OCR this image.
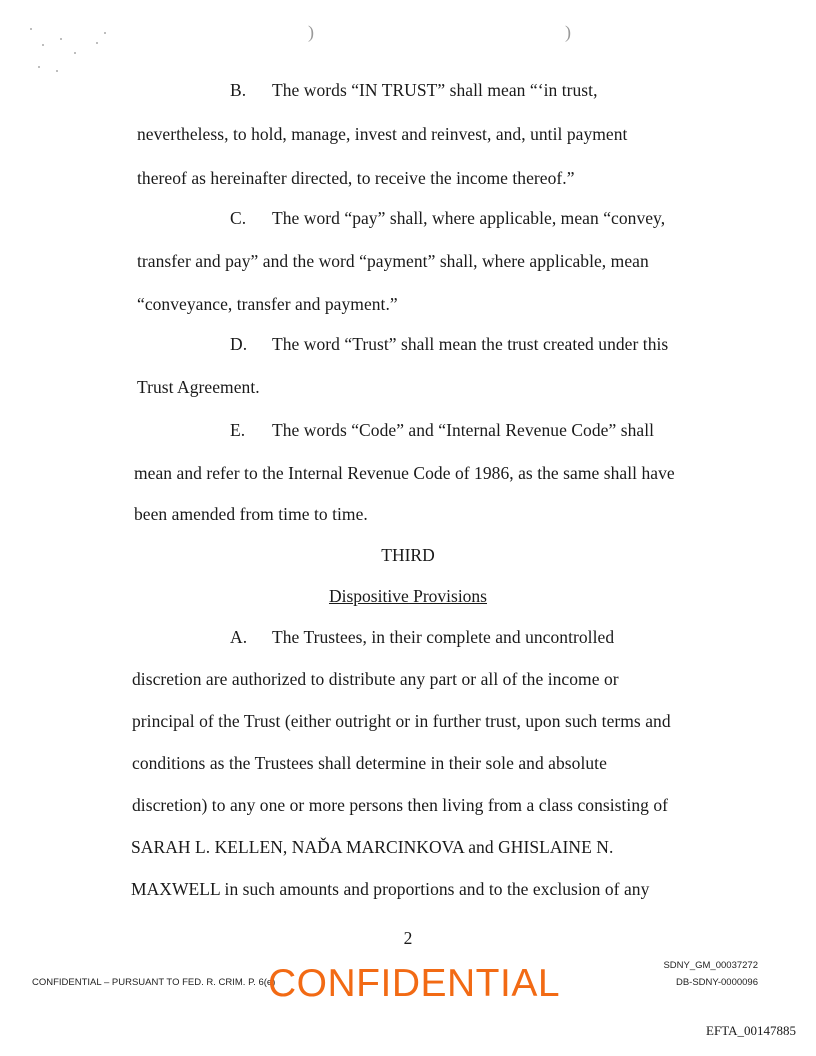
)	)
B. The words “IN TRUST” shall mean “‘in trust,
nevertheless, to hold, manage, invest and reinvest, and, until payment
thereof as hereinafter directed, to receive the income thereof.”
C. The word “pay” shall, where applicable, mean “convey,
transfer and pay” and the word “payment” shall, where applicable, mean
“conveyance, transfer and payment.”
D. The word “Trust” shall mean the trust created under this
Trust Agreement.
E. The words “Code” and “Internal Revenue Code” shall
mean and refer to the Internal Revenue Code of 1986, as the same shall have
been amended from time to time.
THIRD
Dispositive Provisions
A. The Trustees, in their complete and uncontrolled
discretion are authorized to distribute any part or all of the income or
principal of the Trust (either outright or in further trust, upon such terms and
conditions as the Trustees shall determine in their sole and absolute
discretion) to any one or more persons then living from a class consisting of
SARAH L. KELLEN, NAĎA MARCINKOVA and GHISLAINE N.
MAXWELL in such amounts and proportions and to the exclusion of any
2
CONFIDENTIAL – PURSUANT TO FED. R. CRIM. P. 6(e)
CONFIDENTIAL	SDNY_GM_00037272
DB-SDNY-0000096
EFTA_00147885
